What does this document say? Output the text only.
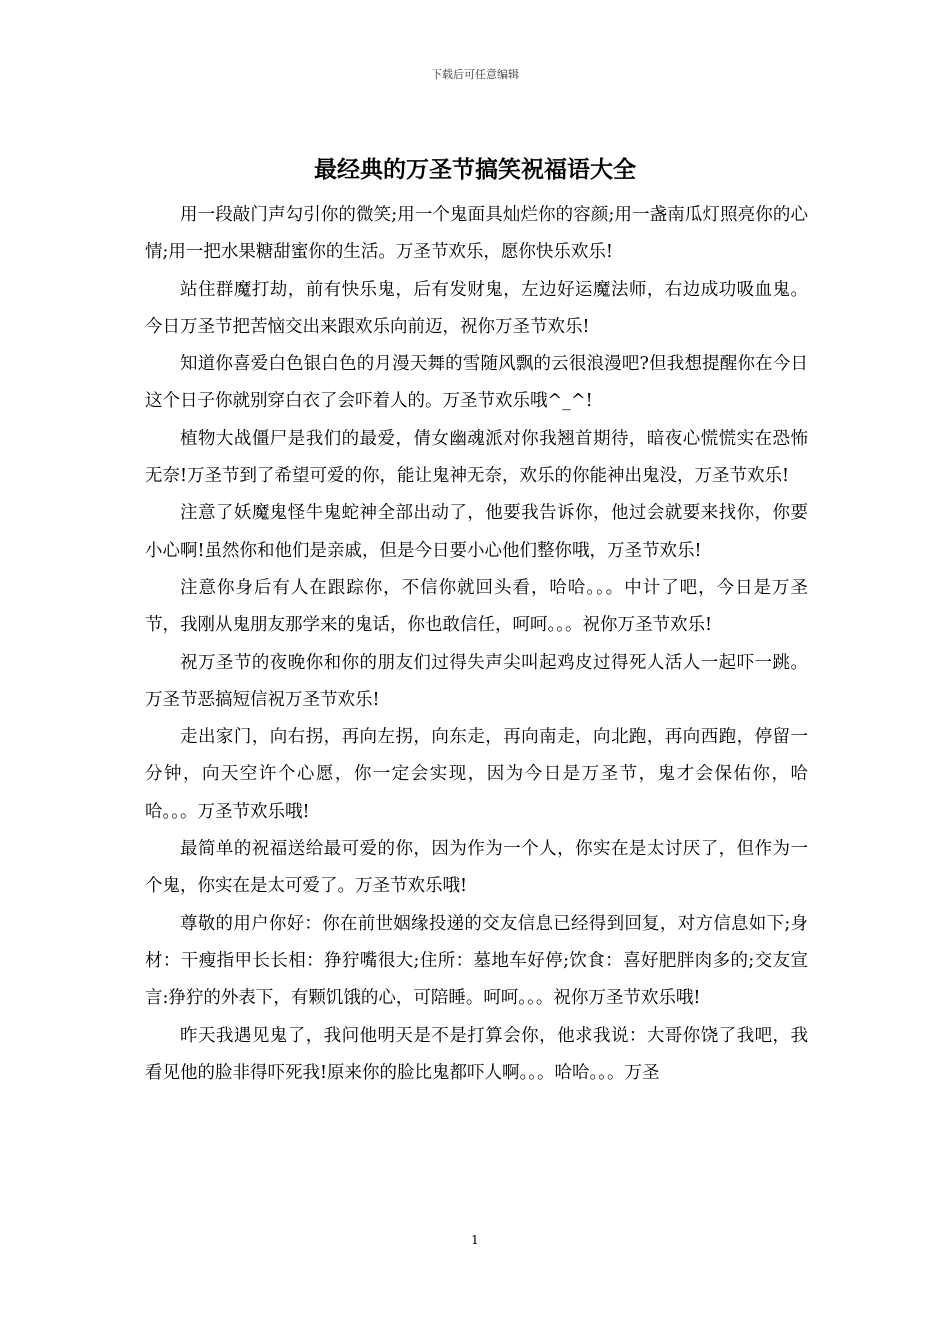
下载后可任意编辑
最经典的万圣节搞笑祝福语大全

用一段敲门声勾引你的微笑;用一个鬼面具灿烂你的容颜;用一盏南瓜灯照亮你的心情;用一把水果糖甜蜜你的生活。万圣节欢乐，愿你快乐欢乐!

站住群魔打劫，前有快乐鬼，后有发财鬼，左边好运魔法师，右边成功吸血鬼。今日万圣节把苦恼交出来跟欢乐向前迈，祝你万圣节欢乐!

知道你喜爱白色银白色的月漫天舞的雪随风飘的云很浪漫吧?但我想提醒你在今日这个日子你就别穿白衣了会吓着人的。万圣节欢乐哦^_^!

植物大战僵尸是我们的最爱，倩女幽魂派对你我翘首期待，暗夜心慌慌实在恐怖无奈!万圣节到了希望可爱的你，能让鬼神无奈，欢乐的你能神出鬼没，万圣节欢乐!

注意了妖魔鬼怪牛鬼蛇神全部出动了，他要我告诉你，他过会就要来找你，你要小心啊!虽然你和他们是亲戚，但是今日要小心他们整你哦，万圣节欢乐!

注意你身后有人在跟踪你，不信你就回头看，哈哈。。。中计了吧，今日是万圣节，我刚从鬼朋友那学来的鬼话，你也敢信任，呵呵。。。祝你万圣节欢乐!

祝万圣节的夜晚你和你的朋友们过得失声尖叫起鸡皮过得死人活人一起吓一跳。万圣节恶搞短信祝万圣节欢乐!

走出家门，向右拐，再向左拐，向东走，再向南走，向北跑，再向西跑，停留一分钟，向天空许个心愿，你一定会实现，因为今日是万圣节，鬼才会保佑你，哈哈。。。万圣节欢乐哦!

最简单的祝福送给最可爱的你，因为作为一个人，你实在是太讨厌了，但作为一个鬼，你实在是太可爱了。万圣节欢乐哦!

尊敬的用户你好：你在前世姻缘投递的交友信息已经得到回复，对方信息如下;身材：干瘦指甲长长相：狰狞嘴很大;住所：墓地车好停;饮食：喜好肥胖肉多的;交友宣言:狰狞的外表下，有颗饥饿的心，可陪睡。呵呵。。。祝你万圣节欢乐哦!

昨天我遇见鬼了，我问他明天是不是打算会你，他求我说：大哥你饶了我吧，我看见他的脸非得吓死我!原来你的脸比鬼都吓人啊。。。哈哈。。。万圣

1
